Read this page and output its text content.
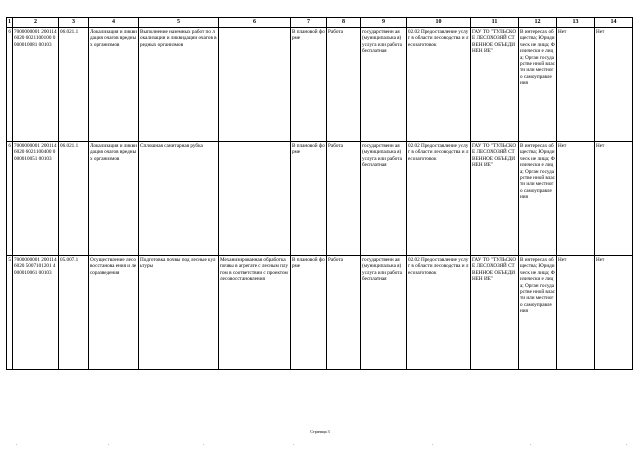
1	2	3	4	5	6	7	8	9	10	11	12	13	14
6	7000000001 2001146020 6021100100 0000010081 00103	06.021.1	Локализация и ликвидация очагов вредных организмов	Выполнение наземных работ по локализации и ликвидации очагов вредных организмов		В плановой форме	Работа	государственн ая (муниципальна я) услуга или работа бесплатная	02.02 Предоставление услуг в области лесоводства и лесозаготовок	ГАУ ТО "ТУЛЬСКОЕ ЛЕСОХОЗЯЙ СТВЕННОЕ ОБЪЕДИНЕН ИЕ"	В интересах общества; Юридическ ие лица; Физически е лица; Орган государстве нной власти или местного самоуправле ния	Нет	Нет
6	7000000001 2001146020 6021100400 0000010051 00103	06.021.1	Локализация и ликвидация очагов вредных организмов	Сплошная санитарная рубка		В плановой форме	Работа	государственн ая (муниципальна я) услуга или работа бесплатная	02.02 Предоставление услуг в области лесоводства и лесозаготовок	ГАУ ТО "ТУЛЬСКОЕ ЛЕСОХОЗЯЙ СТВЕННОЕ ОБЪЕДИНЕН ИЕ"	В интересах общества; Юридическ ие лица; Физически е лица; Орган государстве нной власти или местного самоуправле ния	Нет	Нет
5	7000000001 2001146020 5007101201 4000010061 00103	05.007.1	Осуществление лесовосстанова ения и лесоразведения	Подготовка почвы под лесные культуры	Механизированная обработка почвы в агрегате с лесным плугом в соответствии с проектом лесовосстановления	В плановой форме	Работа	государственн ая (муниципальна я) услуга или работа бесплатная	02.02 Предоставление услуг в области лесоводства и лесозаготовок	ГАУ ТО "ТУЛЬСКОЕ ЛЕСОХОЗЯЙ СТВЕННОЕ ОБЪЕДИНЕН ИЕ"	В интересах общества; Юридическ ие лица; Физически е лица; Орган государстве нной власти или местного самоуправле ния	Нет	Нет
Страница 3
·	·	·	·	·	·	·
